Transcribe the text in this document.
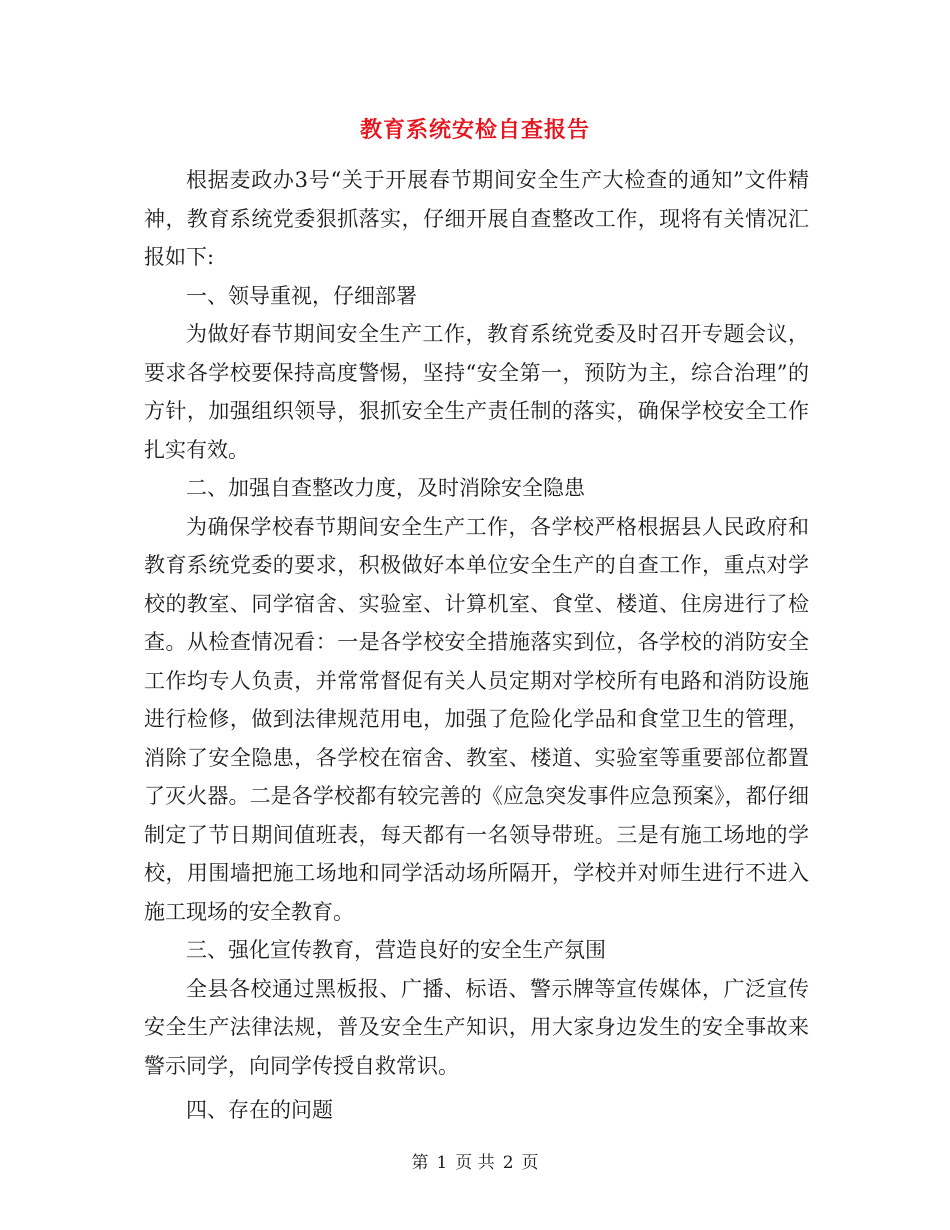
教育系统安检自查报告

根据麦政办3号“关于开展春节期间安全生产大检查的通知”文件精神，教育系统党委狠抓落实，仔细开展自查整改工作，现将有关情况汇报如下:

一、领导重视，仔细部署

为做好春节期间安全生产工作，教育系统党委及时召开专题会议，要求各学校要保持高度警惕，坚持“安全第一，预防为主，综合治理”的方针，加强组织领导，狠抓安全生产责任制的落实，确保学校安全工作扎实有效。

二、加强自查整改力度，及时消除安全隐患

为确保学校春节期间安全生产工作，各学校严格根据县人民政府和教育系统党委的要求，积极做好本单位安全生产的自查工作，重点对学校的教室、同学宿舍、实验室、计算机室、食堂、楼道、住房进行了检查。从检查情况看：一是各学校安全措施落实到位，各学校的消防安全工作均专人负责，并常常督促有关人员定期对学校所有电路和消防设施进行检修，做到法律规范用电，加强了危险化学品和食堂卫生的管理，消除了安全隐患，各学校在宿舍、教室、楼道、实验室等重要部位都置了灭火器。二是各学校都有较完善的《应急突发事件应急预案》，都仔细制定了节日期间值班表，每天都有一名领导带班。三是有施工场地的学校，用围墙把施工场地和同学活动场所隔开，学校并对师生进行不进入施工现场的安全教育。

三、强化宣传教育，营造良好的安全生产氛围

全县各校通过黑板报、广播、标语、警示牌等宣传媒体，广泛宣传安全生产法律法规，普及安全生产知识，用大家身边发生的安全事故来警示同学，向同学传授自救常识。

四、存在的问题

第 1 页 共 2 页
